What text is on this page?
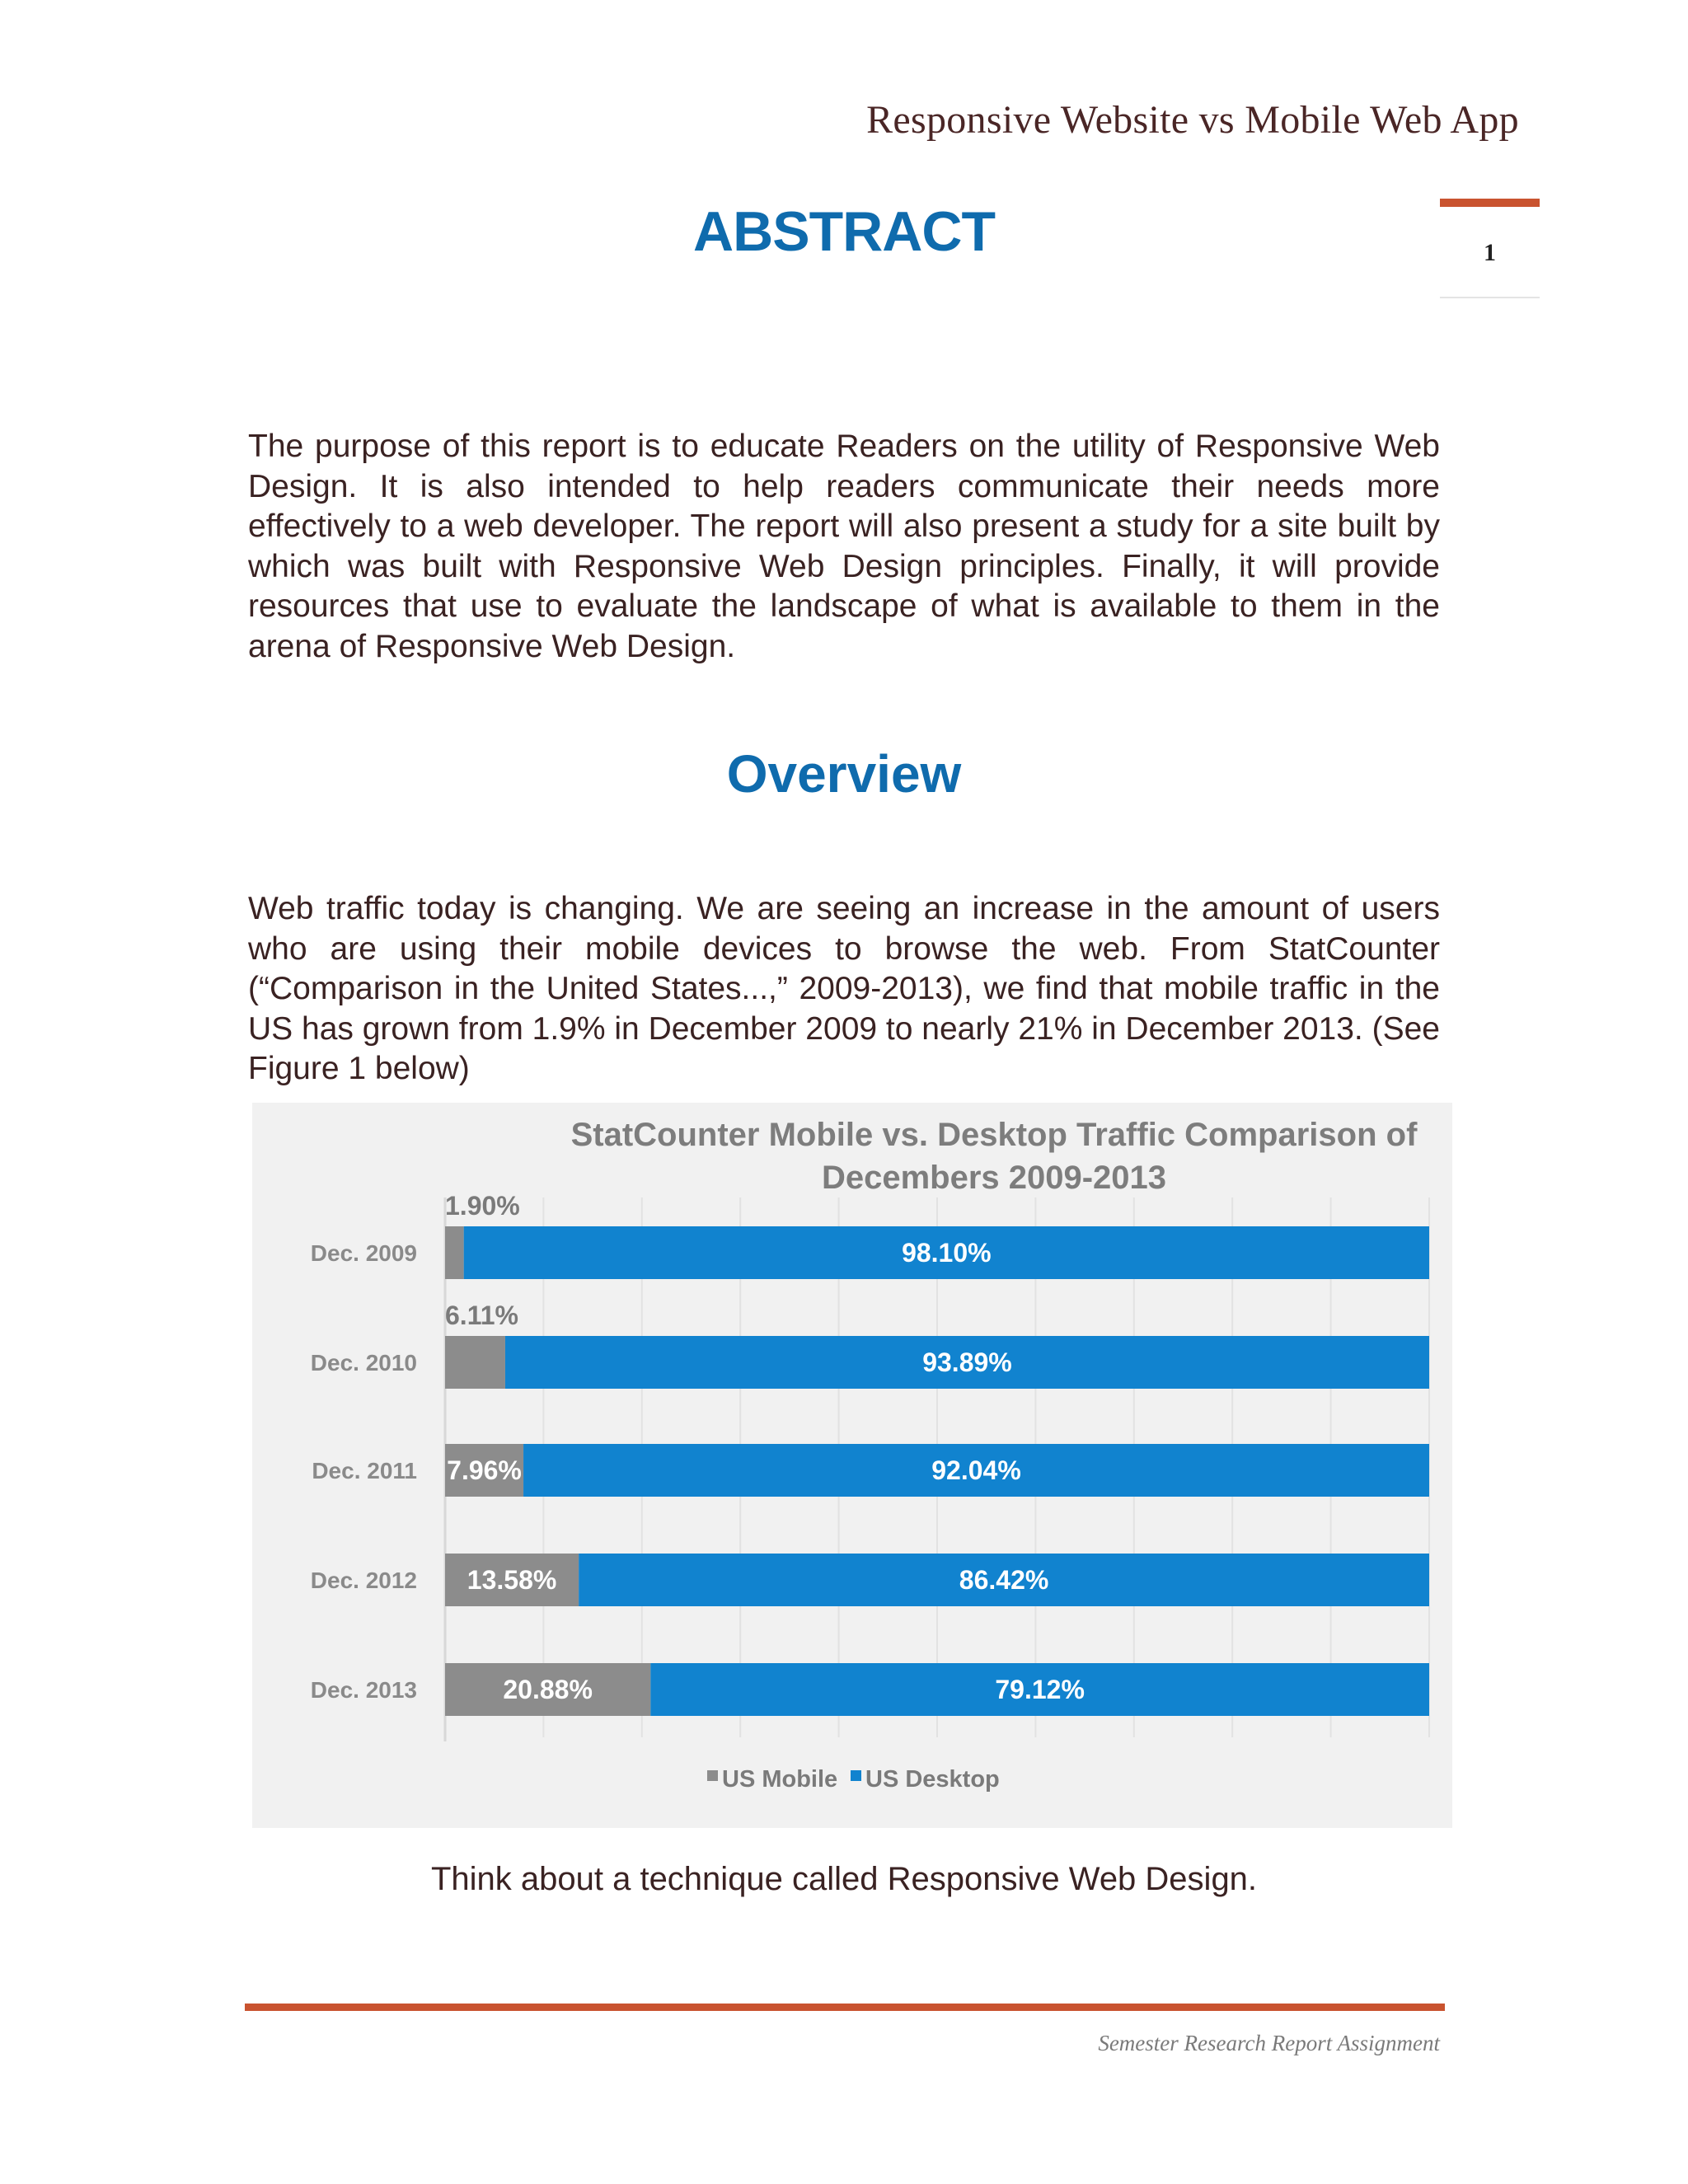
Responsive Website vs Mobile Web App
1
ABSTRACT

The purpose of this report is to educate Readers on the utility of Responsive Web Design. It is also intended to help readers communicate their needs more effectively to a web developer. The report will also present a study for a site built by which was built with Responsive Web Design principles. Finally, it will provide resources that use to evaluate the landscape of what is available to them in the arena of Responsive Web Design.

Overview

Web traffic today is changing. We are seeing an increase in the amount of users who are using their mobile devices to browse the web. From StatCounter (“Comparison in the United States...,” 2009-2013), we find that mobile traffic in the US has grown from 1.9% in December 2009 to nearly 21% in December 2013. (See Figure 1 below)

StatCounter Mobile vs. Desktop Traffic Comparison of Decembers 2009-2013
Dec. 2009
1.90%
98.10%
Dec. 2010
6.11%
93.89%
Dec. 2011 7.96%	92.04%
Dec. 2012 13.58%	86.42%
Dec. 2013	20.88%	79.12%
US Mobile US Desktop

Think about a technique called Responsive Web Design.

Semester Research Report Assignment
